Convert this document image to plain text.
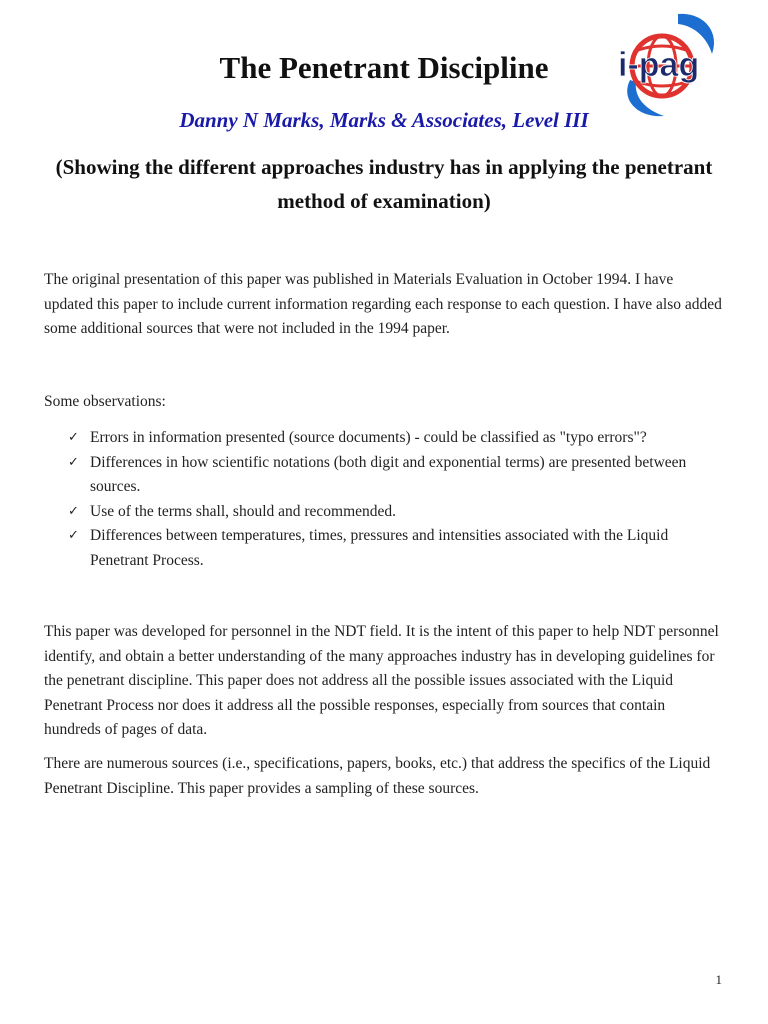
The Penetrant Discipline	i-pag

Danny N Marks, Marks & Associates, Level III

(Showing the different approaches industry has in applying the penetrant method of examination)

The original presentation of this paper was published in Materials Evaluation in October 1994. I have updated this paper to include current information regarding each response to each question. I have also added some additional sources that were not included in the 1994 paper.

Some observations:

✓ Errors in information presented (source documents) - could be classified as "typo errors"?
✓ Differences in how scientific notations (both digit and exponential terms) are presented between sources.
✓ Use of the terms shall, should and recommended.
✓ Differences between temperatures, times, pressures and intensities associated with the Liquid Penetrant Process.

This paper was developed for personnel in the NDT field. It is the intent of this paper to help NDT personnel identify, and obtain a better understanding of the many approaches industry has in developing guidelines for the penetrant discipline. This paper does not address all the possible issues associated with the Liquid Penetrant Process nor does it address all the possible responses, especially from sources that contain hundreds of pages of data.

There are numerous sources (i.e., specifications, papers, books, etc.) that address the specifics of the Liquid Penetrant Discipline. This paper provides a sampling of these sources.

1
